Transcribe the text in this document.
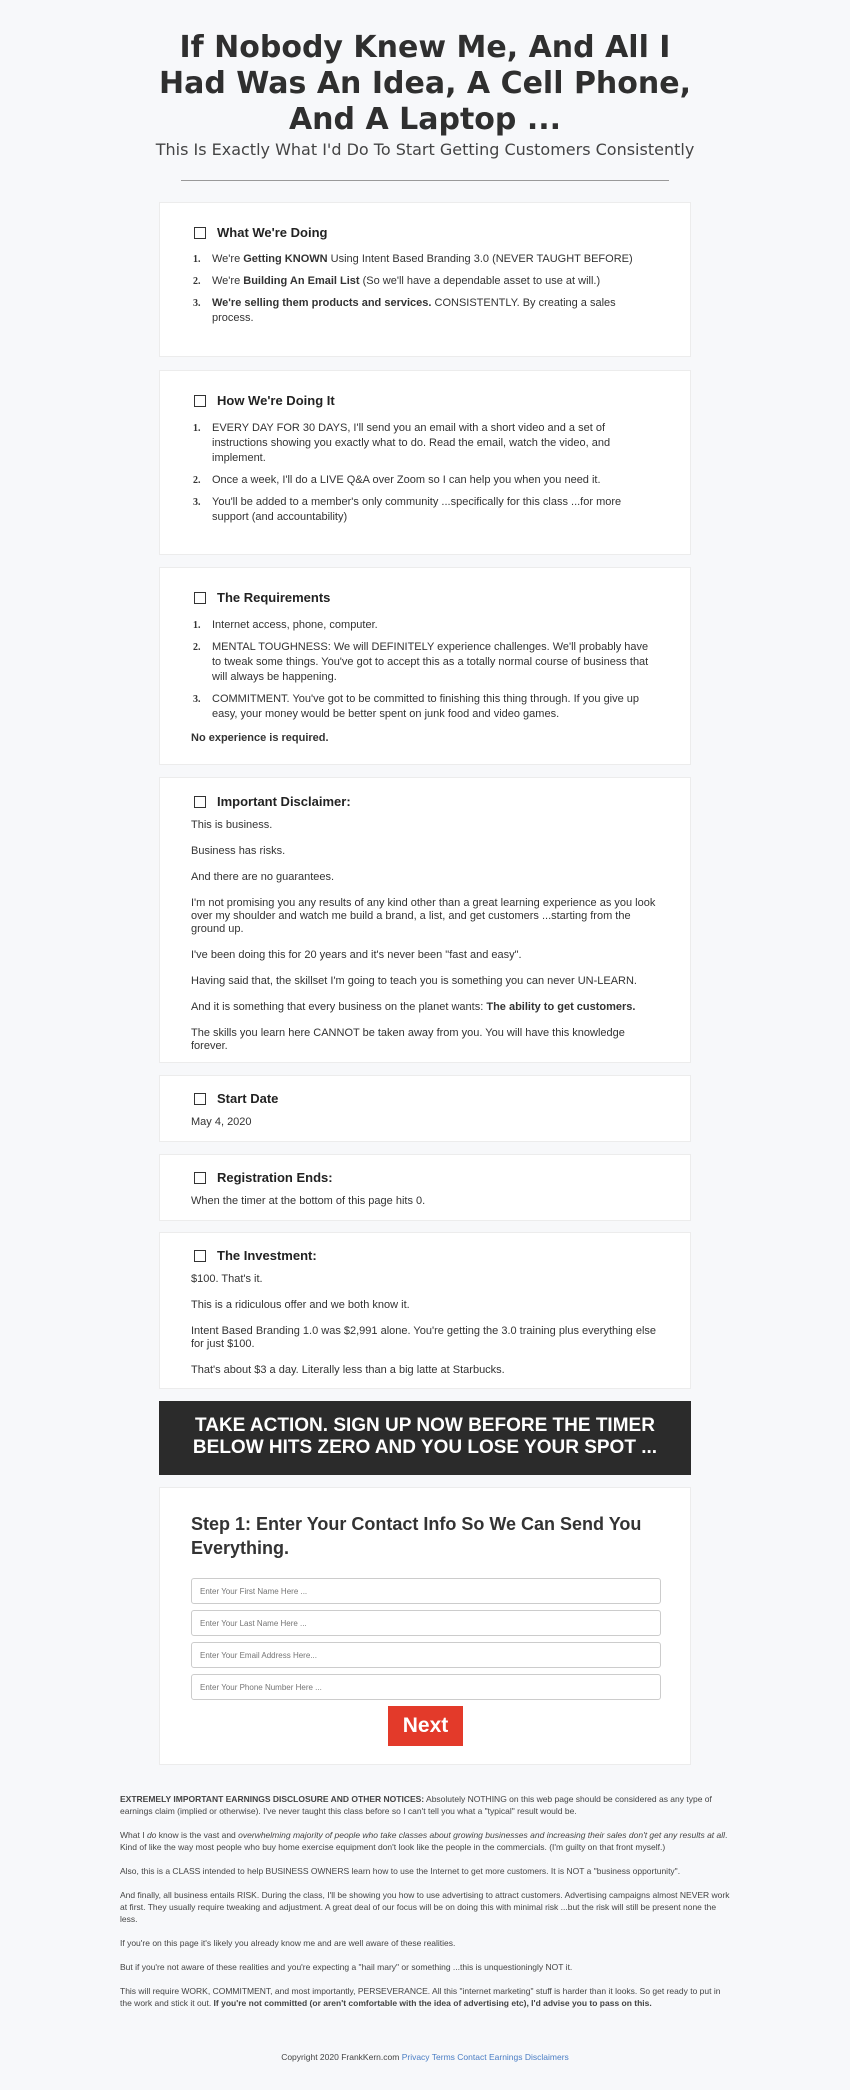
If Nobody Knew Me, And All I Had Was An Idea, A Cell Phone, And A Laptop ...
This Is Exactly What I'd Do To Start Getting Customers Consistently
What We're Doing
1. We're Getting KNOWN Using Intent Based Branding 3.0 (NEVER TAUGHT BEFORE)
2. We're Building An Email List (So we'll have a dependable asset to use at will.)
3. We're selling them products and services. CONSISTENTLY. By creating a sales process.
How We're Doing It
1. EVERY DAY FOR 30 DAYS, I'll send you an email with a short video and a set of instructions showing you exactly what to do. Read the email, watch the video, and implement.
2. Once a week, I'll do a LIVE Q&A over Zoom so I can help you when you need it.
3. You'll be added to a member's only community ...specifically for this class ...for more support (and accountability)
The Requirements
1. Internet access, phone, computer.
2. MENTAL TOUGHNESS: We will DEFINITELY experience challenges. We'll probably have to tweak some things. You've got to accept this as a totally normal course of business that will always be happening.
3. COMMITMENT. You've got to be committed to finishing this thing through. If you give up easy, your money would be better spent on junk food and video games.

No experience is required.

Important Disclaimer:

This is business.

Business has risks.

And there are no guarantees.

I'm not promising you any results of any kind other than a great learning experience as you look over my shoulder and watch me build a brand, a list, and get customers ...starting from the ground up.

I've been doing this for 20 years and it's never been "fast and easy".

Having said that, the skillset I'm going to teach you is something you can never UN-LEARN.

And it is something that every business on the planet wants: The ability to get customers.

The skills you learn here CANNOT be taken away from you. You will have this knowledge forever.

Start Date

May 4, 2020

Registration Ends:

When the timer at the bottom of this page hits 0.

The Investment:

$100. That's it.

This is a ridiculous offer and we both know it.

Intent Based Branding 1.0 was $2,991 alone. You're getting the 3.0 training plus everything else for just $100.

That's about $3 a day. Literally less than a big latte at Starbucks.

TAKE ACTION. SIGN UP NOW BEFORE THE TIMER BELOW HITS ZERO AND YOU LOSE YOUR SPOT ...
Step 1: Enter Your Contact Info So We Can Send You Everything.
Enter Your First Name Here ...
Enter Your Last Name Here ...
Enter Your Email Address Here...
Enter Your Phone Number Here ...
Next

EXTREMELY IMPORTANT EARNINGS DISCLOSURE AND OTHER NOTICES: Absolutely NOTHING on this web page should be considered as any type of earnings claim (implied or otherwise). I've never taught this class before so I can't tell you what a "typical" result would be.

What I do know is the vast and overwhelming majority of people who take classes about growing businesses and increasing their sales don't get any results at all. Kind of like the way most people who buy home exercise equipment don't look like the people in the commercials. (I'm guilty on that front myself.)

Also, this is a CLASS intended to help BUSINESS OWNERS learn how to use the Internet to get more customers. It is NOT a "business opportunity".

And finally, all business entails RISK. During the class, I'll be showing you how to use advertising to attract customers. Advertising campaigns almost NEVER work at first. They usually require tweaking and adjustment. A great deal of our focus will be on doing this with minimal risk ...but the risk will still be present none the less.

If you're on this page it's likely you already know me and are well aware of these realities.

But if you're not aware of these realities and you're expecting a "hail mary" or something ...this is unquestioningly NOT it.

This will require WORK, COMMITMENT, and most importantly, PERSEVERANCE. All this "internet marketing" stuff is harder than it looks. So get ready to put in the work and stick it out. If you're not committed (or aren't comfortable with the idea of advertising etc), I'd advise you to pass on this.

Copyright 2020 FrankKern.com Privacy Terms Contact Earnings Disclaimers
